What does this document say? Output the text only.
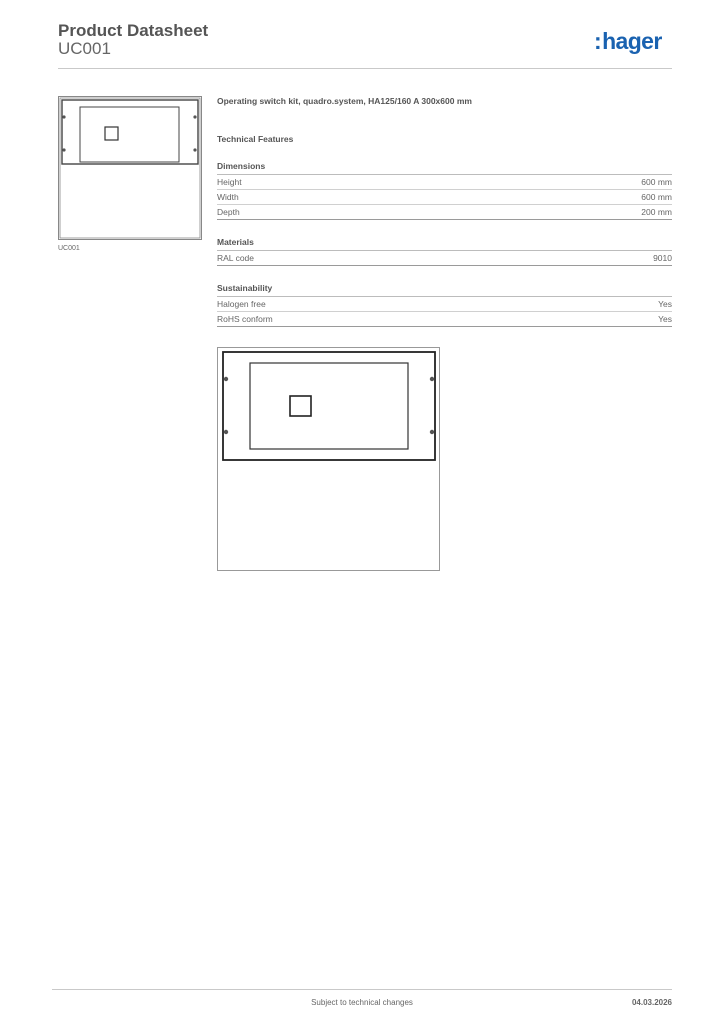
Product Datasheet
UC001	:hager
UC001
Operating switch kit, quadro.system, HA125/160 A 300x600 mm
Technical Features
Dimensions
Height	600 mm
Width	600 mm
Depth	200 mm
Materials
RAL code	9010
Sustainability
Halogen free	Yes
RoHS conform	Yes
Subject to technical changes	04.03.2026
